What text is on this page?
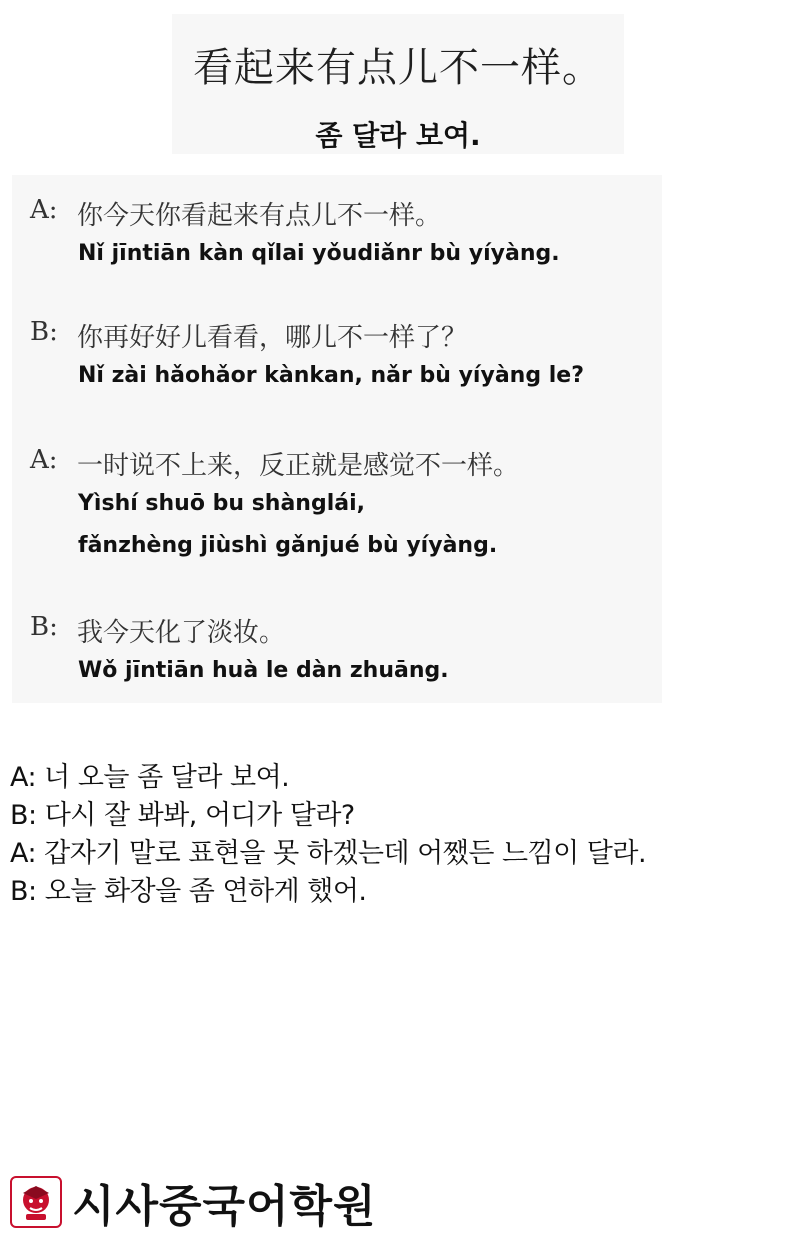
看起来有点儿不一样。
좀 달라 보여.
A: 你今天你看起来有点儿不一样。
Nǐ jīntiān kàn qǐlai yǒudiǎnr bù yíyàng.
B: 你再好好儿看看，哪儿不一样了？
Nǐ zài hǎohǎor kànkan, nǎr bù yíyàng le?
A: 一时说不上来，反正就是感觉不一样。
Yìshí shuō bu shànglái,
fǎnzhèng jiùshì gǎnjué bù yíyàng.
B: 我今天化了淡妆。
Wǒ jīntiān huà le dàn zhuāng.
A: 너 오늘 좀 달라 보여.
B: 다시 잘 봐봐, 어디가 달라?
A: 갑자기 말로 표현을 못 하겠는데 어쨌든 느낌이 달라.
B: 오늘 화장을 좀 연하게 했어.
시사중국어학원
